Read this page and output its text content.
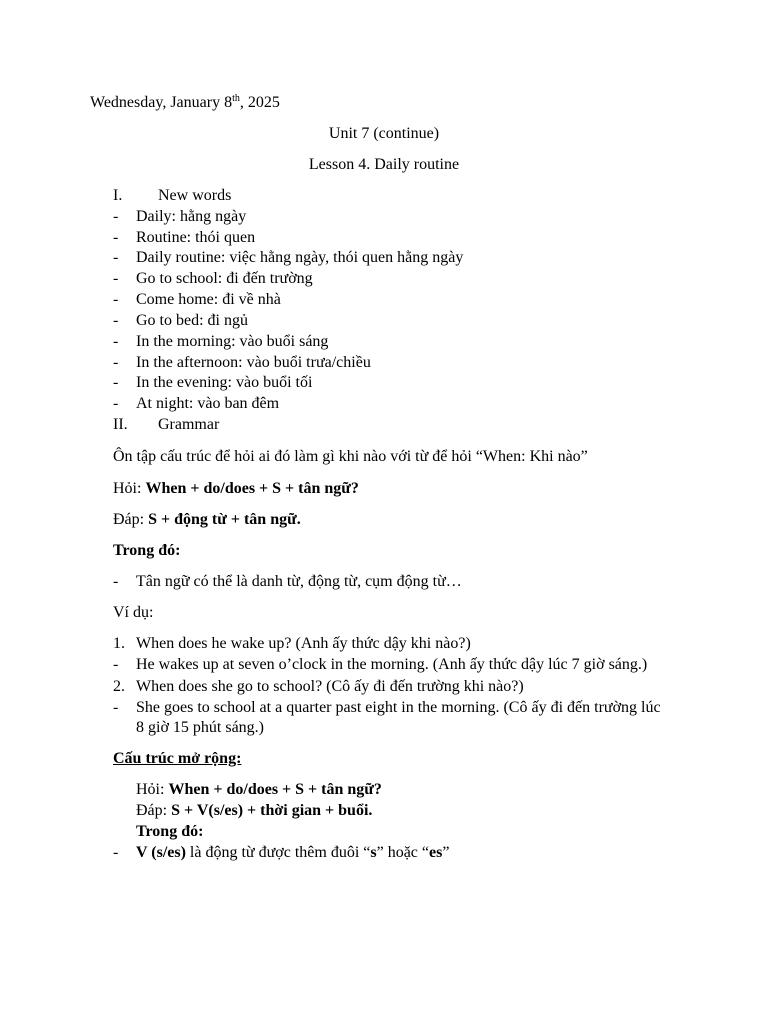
Wednesday, January 8th, 2025
Unit 7 (continue)
Lesson 4. Daily routine
I. New words
- Daily: hằng ngày
- Routine: thói quen
- Daily routine: việc hằng ngày, thói quen hằng ngày
- Go to school: đi đến trường
- Come home: đi về nhà
- Go to bed: đi ngủ
- In the morning: vào buổi sáng
- In the afternoon: vào buổi trưa/chiều
- In the evening: vào buổi tối
- At night: vào ban đêm
II. Grammar
Ôn tập cấu trúc để hỏi ai đó làm gì khi nào với từ để hỏi “When: Khi nào”
Hỏi: When + do/does + S + tân ngữ?
Đáp: S + động từ + tân ngữ.
Trong đó:
- Tân ngữ có thể là danh từ, động từ, cụm động từ…
Ví dụ:
1. When does he wake up? (Anh ấy thức dậy khi nào?)
- He wakes up at seven o’clock in the morning. (Anh ấy thức dậy lúc 7 giờ sáng.)
2. When does she go to school? (Cô ấy đi đến trường khi nào?)
- She goes to school at a quarter past eight in the morning. (Cô ấy đi đến trường lúc
8 giờ 15 phút sáng.)
Cấu trúc mở rộng:
Hỏi: When + do/does + S + tân ngữ?
Đáp: S + V(s/es) + thời gian + buổi.
Trong đó:
- V (s/es) là động từ được thêm đuôi “s” hoặc “es”
